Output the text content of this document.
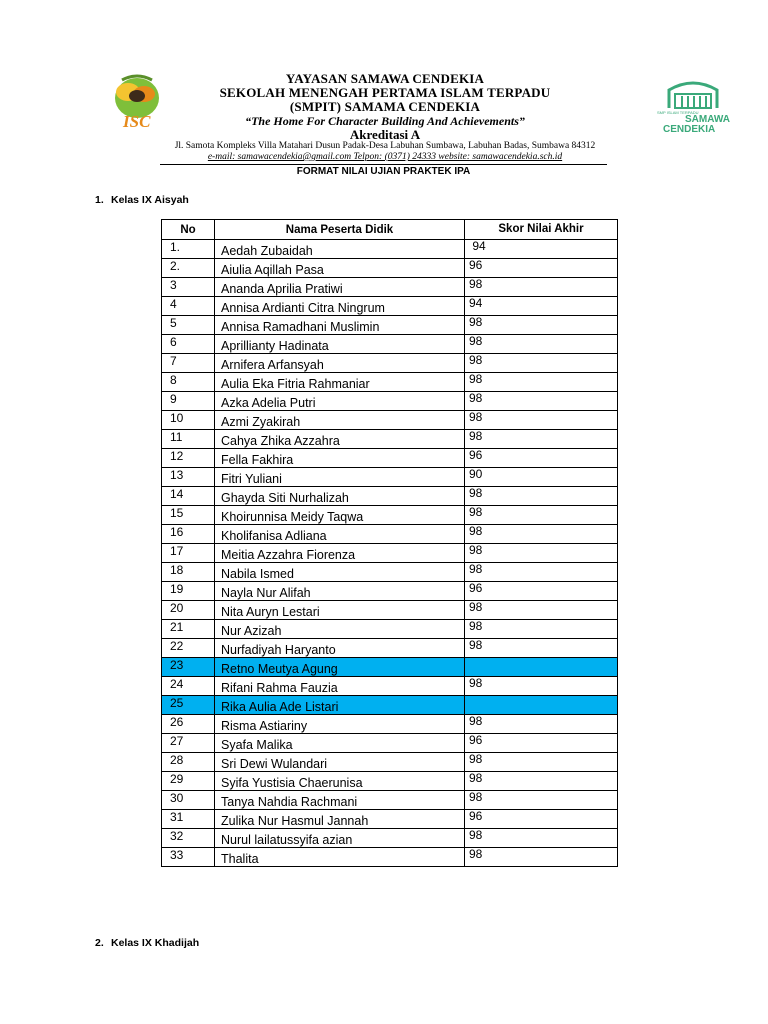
ISC	SMP ISLAM TERPADU
SAMAWA
CENDEKIA
YAYASAN SAMAWA CENDEKIA
SEKOLAH MENENGAH PERTAMA ISLAM TERPADU
(SMPIT) SAMAMA CENDEKIA
“The Home For Character Building And Achievements”
Akreditasi A
Jl. Samota Kompleks Villa Matahari Dusun Padak-Desa Labuhan Sumbawa, Labuhan Badas, Sumbawa 84312
e-mail: samawacendekia@gmail.com Telpon: (0371) 24333 website: samawacendekia.sch.id
FORMAT NILAI UJIAN PRAKTEK IPA
1. Kelas IX Aisyah
No	Nama Peserta Didik	Skor Nilai Akhir
1.	Aedah Zubaidah	94
2.	Aiulia Aqillah Pasa	96
3	Ananda Aprilia Pratiwi	98
4	Annisa Ardianti Citra Ningrum	94
5	Annisa Ramadhani Muslimin	98
6	Aprillianty Hadinata	98
7	Arnifera Arfansyah	98
8	Aulia Eka Fitria Rahmaniar	98
9	Azka Adelia Putri	98
10	Azmi Zyakirah	98
11	Cahya Zhika Azzahra	98
12	Fella Fakhira	96
13	Fitri Yuliani	90
14	Ghayda Siti Nurhalizah	98
15	Khoirunnisa Meidy Taqwa	98
16	Kholifanisa Adliana	98
17	Meitia Azzahra Fiorenza	98
18	Nabila Ismed	98
19	Nayla Nur Alifah	96
20	Nita Auryn Lestari	98
21	Nur Azizah	98
22	Nurfadiyah Haryanto	98
23	Retno Meutya Agung	

24	Rifani Rahma Fauzia	98
25	Rika Aulia Ade Listari	

26	Risma Astiariny	98
27	Syafa Malika	96
28	Sri Dewi Wulandari	98
29	Syifa Yustisia Chaerunisa	98
30	Tanya Nahdia Rachmani	98
31	Zulika Nur Hasmul Jannah	96
32	Nurul lailatussyifa azian	98
33	Thalita	98
2. Kelas IX Khadijah
